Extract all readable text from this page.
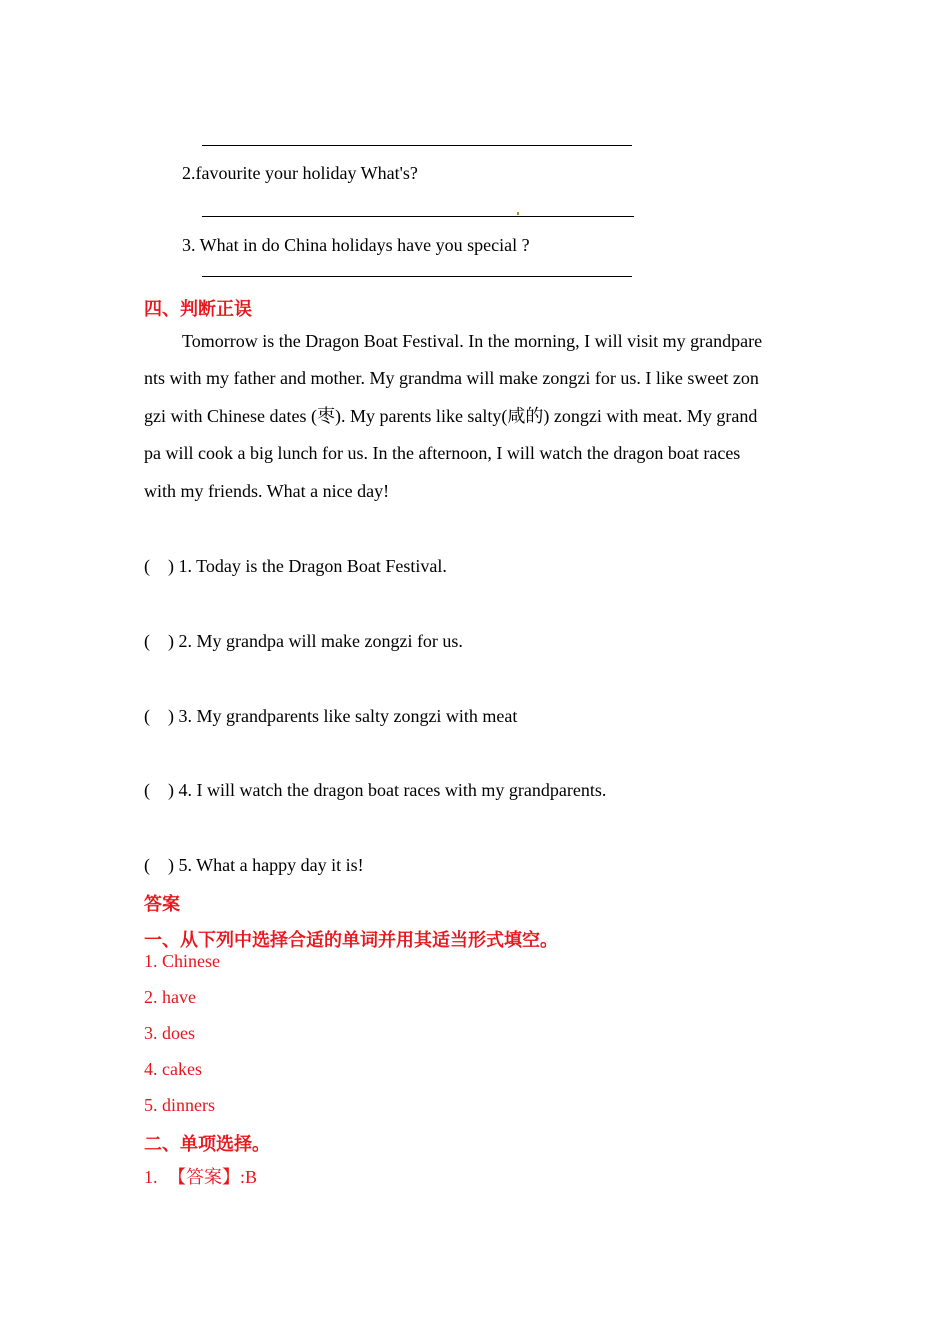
2.favourite your holiday What's?
3. What in do China holidays have you special ?
四、判断正误
Tomorrow is the Dragon Boat Festival. In the morning, I will visit my grandpare
nts with my father and mother. My grandma will make zongzi for us. I like sweet zon
gzi with Chinese dates (枣). My parents like salty(咸的) zongzi with meat. My grand
pa will cook a big lunch for us. In the afternoon, I will watch the dragon boat races
with my friends. What a nice day!
( ) 1. Today is the Dragon Boat Festival.
( ) 2. My grandpa will make zongzi for us.
( ) 3. My grandparents like salty zongzi with meat
( ) 4. I will watch the dragon boat races with my grandparents.
( ) 5. What a happy day it is!
答案
一、从下列中选择合适的单词并用其适当形式填空。
1. Chinese
2. have
3. does
4. cakes
5. dinners
二、单项选择。
1. 【答案】:B
